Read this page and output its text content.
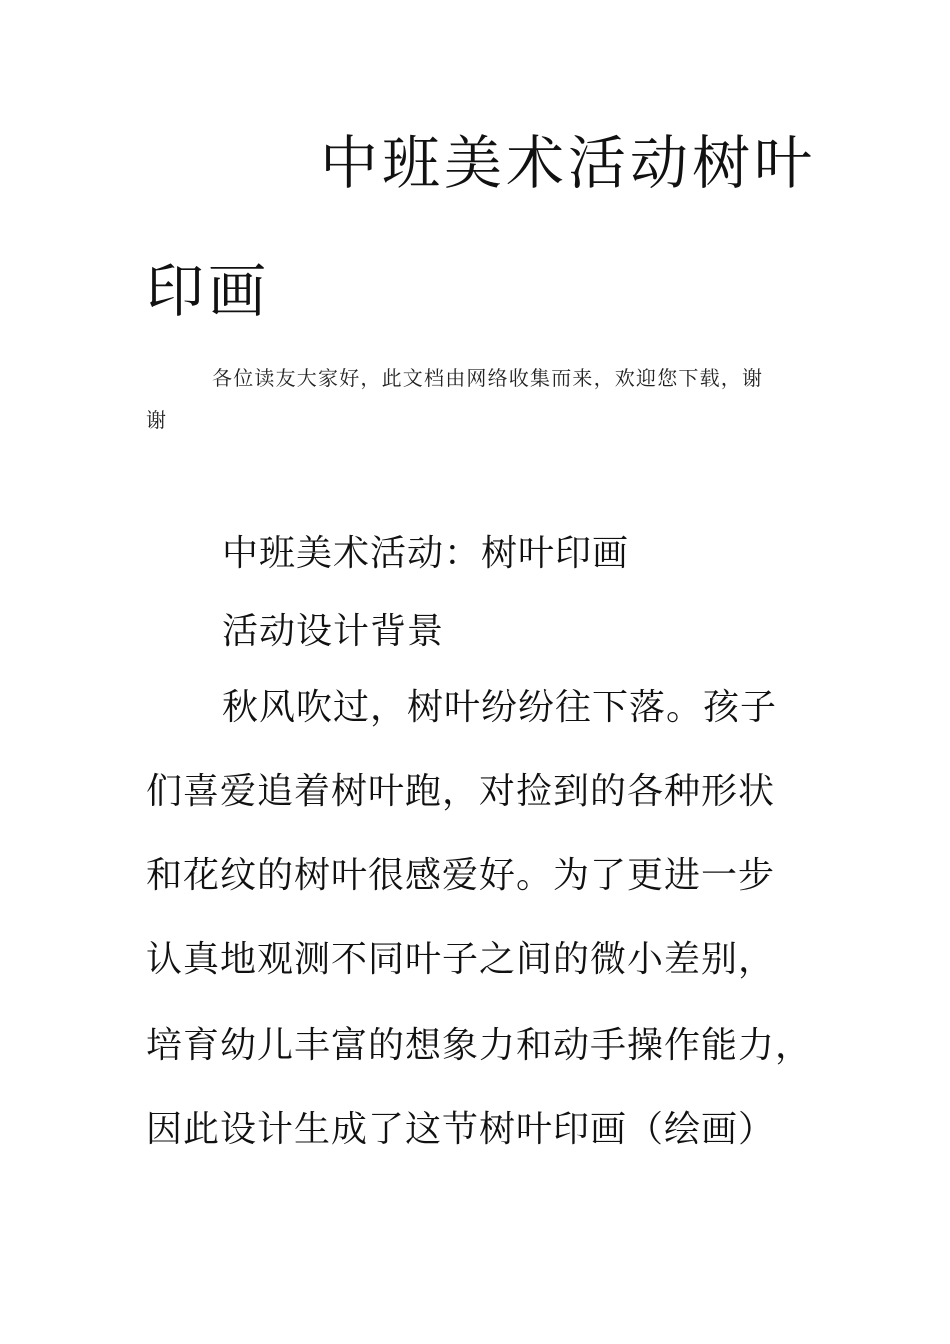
中班美术活动树叶
印画
各位读友大家好，此文档由网络收集而来，欢迎您下载，谢
谢
中班美术活动：树叶印画
活动设计背景
秋风吹过，树叶纷纷往下落。孩子
们喜爱追着树叶跑，对捡到的各种形状
和花纹的树叶很感爱好。为了更进一步
认真地观测不同叶子之间的微小差别，
培育幼儿丰富的想象力和动手操作能力，
因此设计生成了这节树叶印画（绘画）
